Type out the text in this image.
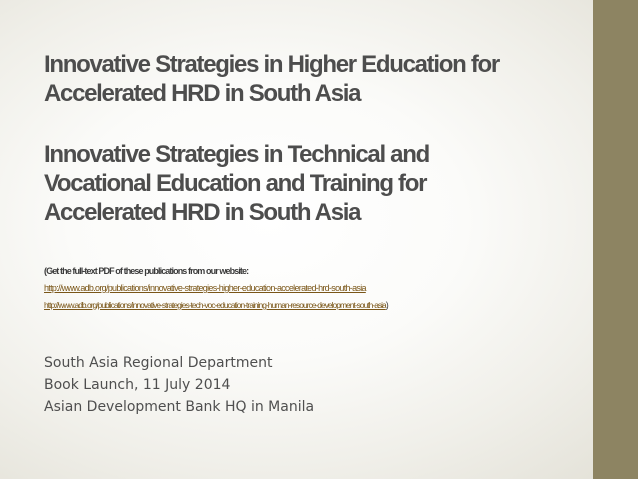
Innovative Strategies in Higher Education for
Accelerated HRD in South Asia
Innovative Strategies in Technical and
Vocational Education and Training for
Accelerated HRD in South Asia
(Get the full-text PDF of these publications from our website:
http://www.adb.org/publications/innovative-strategies-higher-education-accelerated-hrd-south-asia
http://www.adb.org/publications/innovative-strategies-tech-voc-education-training-human-resource-development-south-asia)
South Asia Regional Department
Book Launch, 11 July 2014
Asian Development Bank HQ in Manila
